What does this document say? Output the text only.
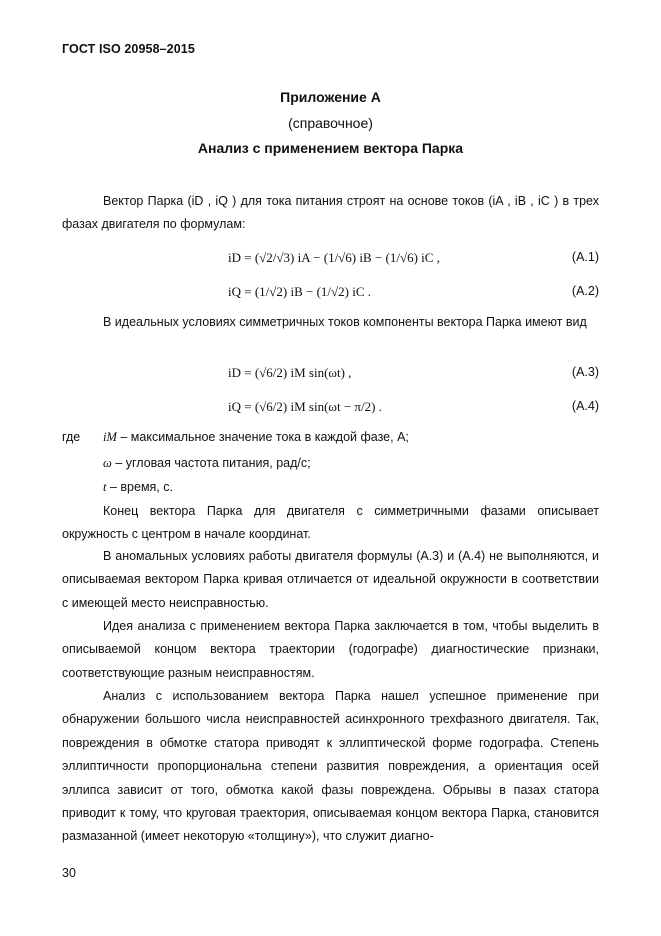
ГОСТ ISO 20958–2015
Приложение А
(справочное)
Анализ с применением вектора Парка
Вектор Парка (iD , iQ ) для тока питания строят на основе токов (iA , iB , iC ) в трех фазах двигателя по формулам:
iD = (√2/√3) iA − (1/√6) iB − (1/√6) iC ,	(А.1)
iQ = (1/√2) iB − (1/√2) iC .	(А.2)
В идеальных условиях симметричных токов компоненты вектора Парка имеют вид
iD = (√6/2) iM sin(ωt) ,	(А.3)
iQ = (√6/2) iM sin(ωt − π/2) .	(А.4)
где iM – максимальное значение тока в каждой фазе, А;
ω – угловая частота питания, рад/с;
t – время, с.
Конец вектора Парка для двигателя с симметричными фазами описывает окружность с центром в начале координат.
В аномальных условиях работы двигателя формулы (А.3) и (А.4) не выполняются, и описываемая вектором Парка кривая отличается от идеальной окружности в соответствии с имеющей место неисправностью.
Идея анализа с применением вектора Парка заключается в том, чтобы выделить в описываемой концом вектора траектории (годографе) диагностические признаки, соответствующие разным неисправностям.
Анализ с использованием вектора Парка нашел успешное применение при обнаружении большого числа неисправностей асинхронного трехфазного двигателя. Так, повреждения в обмотке статора приводят к эллиптической форме годографа. Степень эллиптичности пропорциональна степени развития повреждения, а ориентация осей эллипса зависит от того, обмотка какой фазы повреждена. Обрывы в пазах статора приводит к тому, что круговая траектория, описываемая концом вектора Парка, становится размазанной (имеет некоторую «толщину»), что служит диагно-
30
